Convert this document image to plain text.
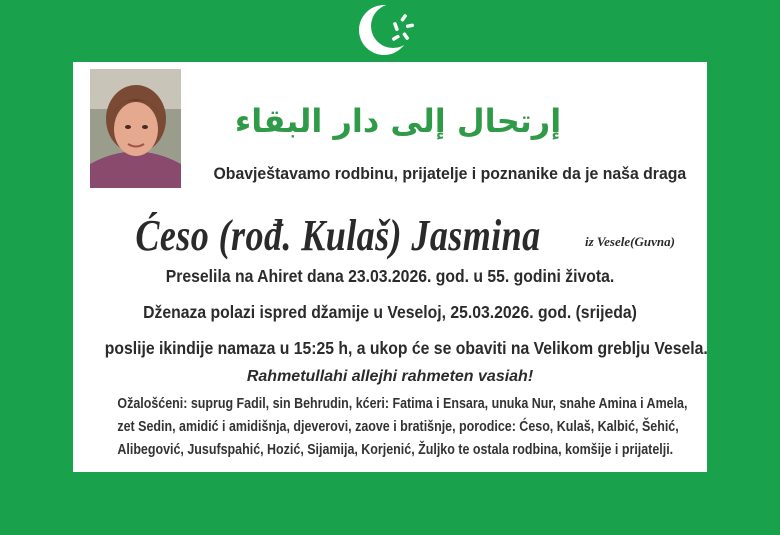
إرتحال إلى دار البقاء
Obavještavamo rodbinu, prijatelje i poznanike da je naša draga
Ćeso (rođ. Kulaš) Jasmina	iz Vesele(Guvna)
Preselila na Ahiret dana 23.03.2026. god. u 55. godini života.
Dženaza polazi ispred džamije u Veseloj, 25.03.2026. god. (srijeda)
poslije ikindije namaza u 15:25 h, a ukop će se obaviti na Velikom greblju Vesela.
Rahmetullahi allejhi rahmeten vasiah!
Ožalošćeni: suprug Fadil, sin Behrudin, kćeri: Fatima i Ensara, unuka Nur, snahe Amina i Amela,
zet Sedin, amidić i amidišnja, djeverovi, zaove i bratišnje, porodice: Ćeso, Kulaš, Kalbić, Šehić,
Alibegović, Jusufspahić, Hozić, Sijamija, Korjenić, Žuljko te ostala rodbina, komšije i prijatelji.
